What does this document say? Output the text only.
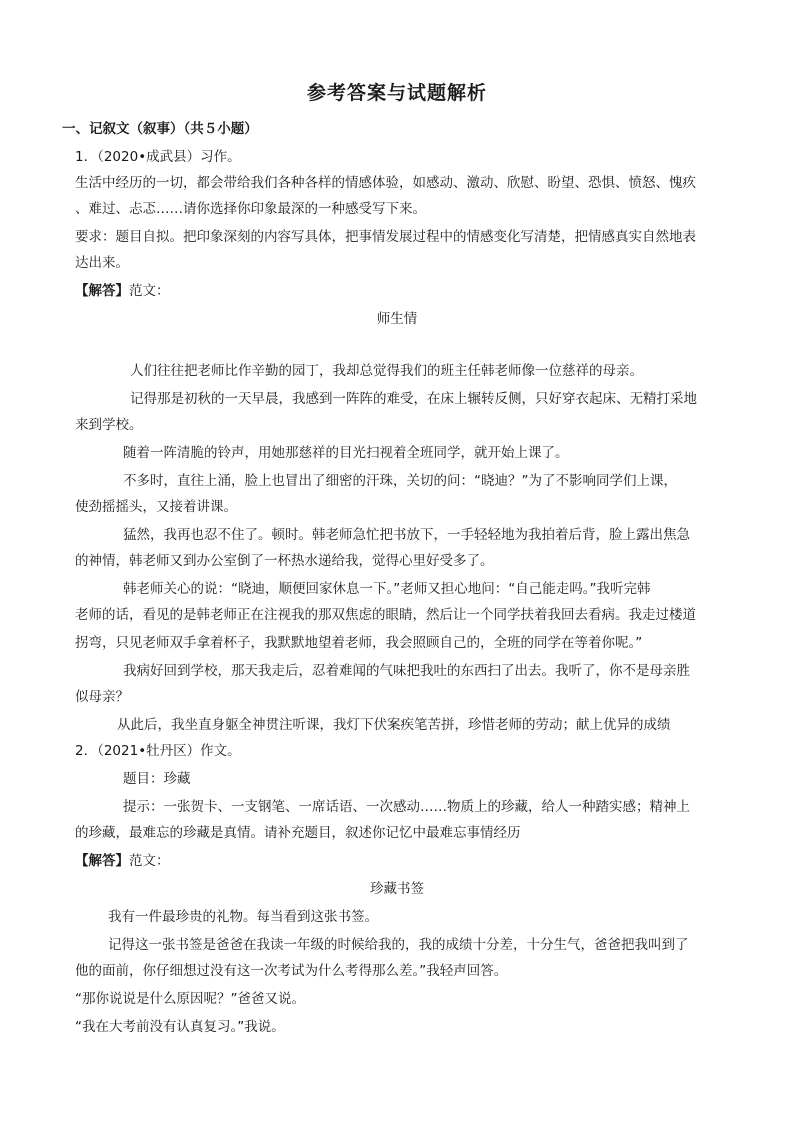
参考答案与试题解析
一、记叙文（叙事）（共５小题）
1．（2020•成武县）习作。
生活中经历的一切，都会带给我们各种各样的情感体验，如感动、激动、欣慰、盼望、恐惧、愤怒、愧疚
、难过、忐忑……请你选择你印象最深的一种感受写下来。
要求：题目自拟。把印象深刻的内容写具体，把事情发展过程中的情感变化写清楚，把情感真实自然地表
达出来。
【解答】范文：
师生情
人们往往把老师比作辛勤的园丁，我却总觉得我们的班主任韩老师像一位慈祥的母亲。
记得那是初秋的一天早晨，我感到一阵阵的难受，在床上辗转反侧，只好穿衣起床、无精打采地
来到学校。
随着一阵清脆的铃声，用她那慈祥的目光扫视着全班同学，就开始上课了。
不多时，直往上涌，脸上也冒出了细密的汗珠，关切的问：“晓迪？”为了不影响同学们上课，
使劲摇摇头，又接着讲课。
猛然，我再也忍不住了。顿时。韩老师急忙把书放下，一手轻轻地为我拍着后背，脸上露出焦急
的神情，韩老师又到办公室倒了一杯热水递给我，觉得心里好受多了。
韩老师关心的说：“晓迪，顺便回家休息一下。”老师又担心地问：“自己能走吗。”我听完韩
老师的话，看见的是韩老师正在注视我的那双焦虑的眼睛，然后让一个同学扶着我回去看病。我走过楼道
拐弯，只见老师双手拿着杯子，我默默地望着老师，我会照顾自己的，全班的同学在等着你呢。”
我病好回到学校，那天我走后，忍着难闻的气味把我吐的东西扫了出去。我听了，你不是母亲胜
似母亲？
从此后，我坐直身躯全神贯注听课，我灯下伏案疾笔苦拼，珍惜老师的劳动；献上优异的成绩
2．（2021•牡丹区）作文。
题目：珍藏
提示：一张贺卡、一支钢笔、一席话语、一次感动……物质上的珍藏，给人一种踏实感；精神上
的珍藏，最难忘的珍藏是真情。请补充题目，叙述你记忆中最难忘事情经历
【解答】范文：
珍藏书签
我有一件最珍贵的礼物。每当看到这张书签。
记得这一张书签是爸爸在我读一年级的时候给我的，我的成绩十分差，十分生气，爸爸把我叫到了
他的面前，你仔细想过没有这一次考试为什么考得那么差。”我轻声回答。
“那你说说是什么原因呢？”爸爸又说。
“我在大考前没有认真复习。”我说。
